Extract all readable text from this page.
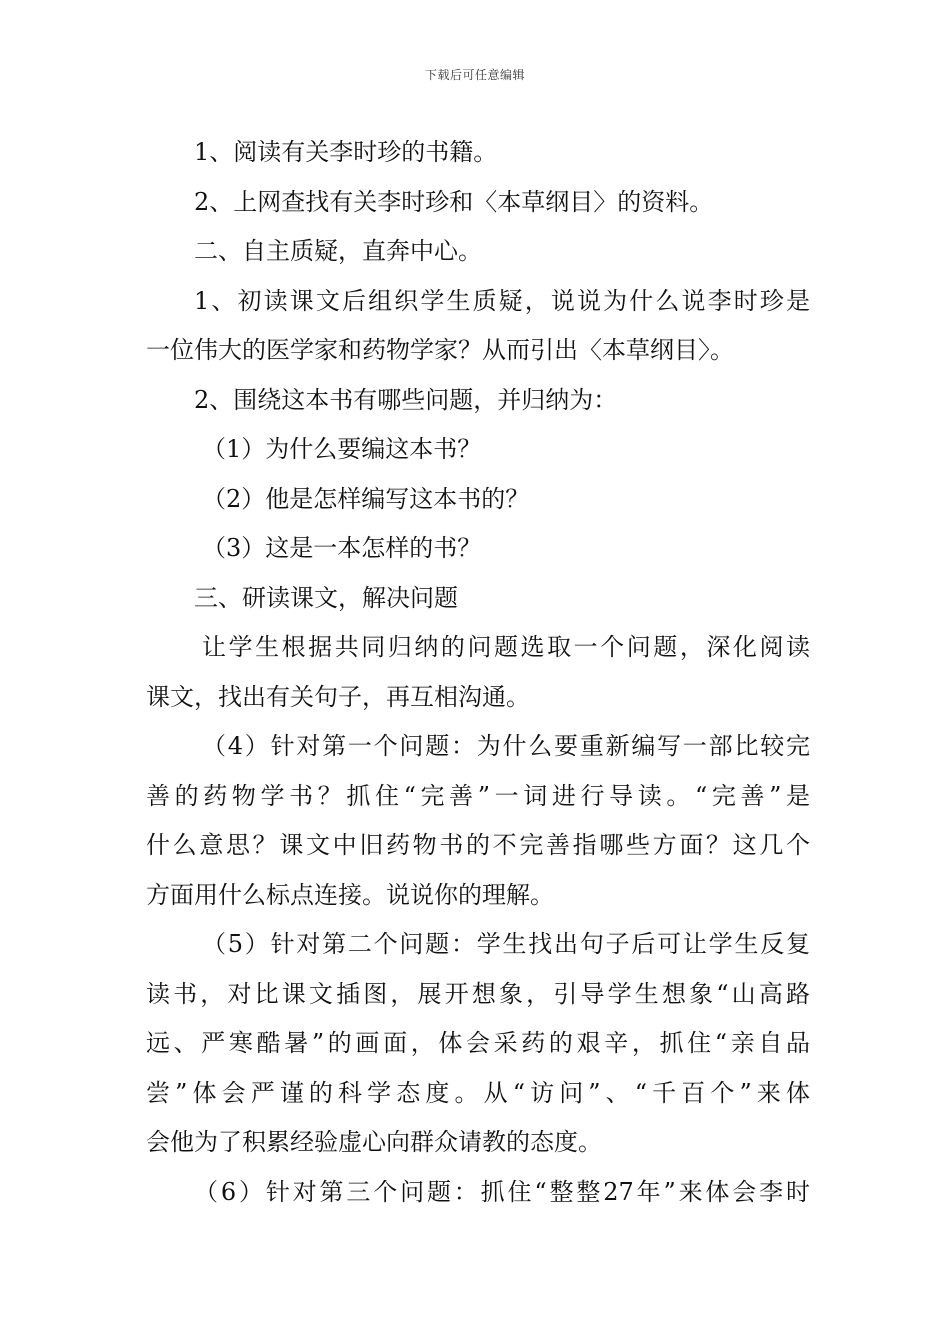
下载后可任意编辑
1、阅读有关李时珍的书籍。
2、上网查找有关李时珍和〈本草纲目〉的资料。
二、自主质疑，直奔中心。
1、初读课文后组织学生质疑，说说为什么说李时珍是
一位伟大的医学家和药物学家？从而引出〈本草纲目〉。
2、围绕这本书有哪些问题，并归纳为：
（1）为什么要编这本书？
（2）他是怎样编写这本书的？
（3）这是一本怎样的书？
三、研读课文，解决问题
让学生根据共同归纳的问题选取一个问题，深化阅读
课文，找出有关句子，再互相沟通。
（4）针对第一个问题：为什么要重新编写一部比较完
善的药物学书？抓住“完善”一词进行导读。“完善”是
什么意思？课文中旧药物书的不完善指哪些方面？这几个
方面用什么标点连接。说说你的理解。
（5）针对第二个问题：学生找出句子后可让学生反复
读书，对比课文插图，展开想象，引导学生想象“山高路
远、严寒酷暑”的画面，体会采药的艰辛，抓住“亲自品
尝”体会严谨的科学态度。从“访问”、“千百个”来体
会他为了积累经验虚心向群众请教的态度。
（6）针对第三个问题：抓住“整整27年”来体会李时
